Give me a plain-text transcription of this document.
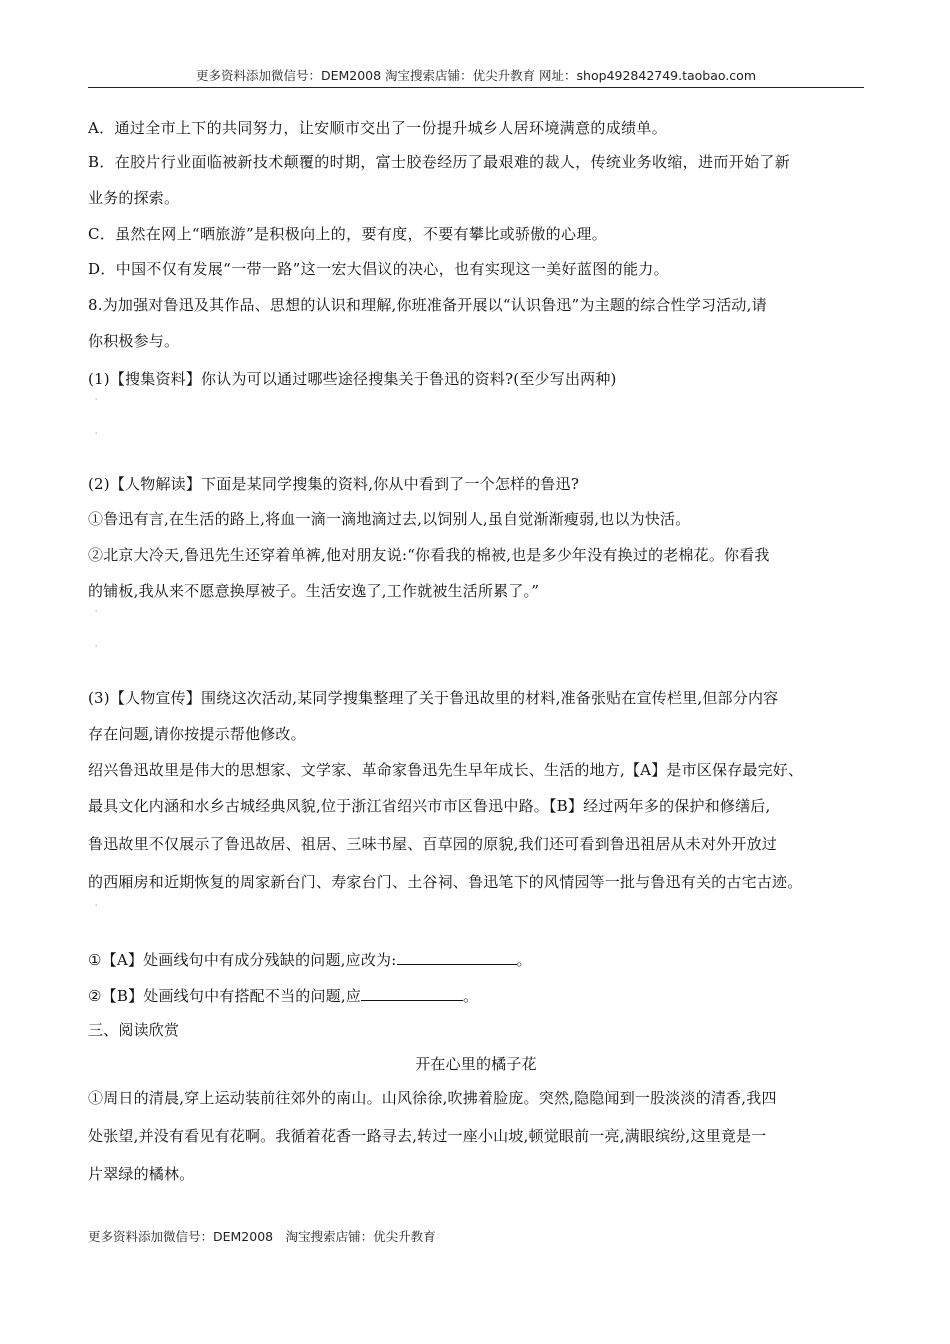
更多资料添加微信号：DEM2008 淘宝搜索店铺：优尖升教育 网址：shop492842749.taobao.com
A．通过全市上下的共同努力，让安顺市交出了一份提升城乡人居环境满意的成绩单。
B．在胶片行业面临被新技术颠覆的时期，富士胶卷经历了最艰难的裁人，传统业务收缩，进而开始了新
业务的探索。
C．虽然在网上“晒旅游”是积极向上的，要有度，不要有攀比或骄傲的心理。
D．中国不仅有发展“一带一路”这一宏大倡议的决心，也有实现这一美好蓝图的能力。
8.为加强对鲁迅及其作品、思想的认识和理解,你班准备开展以“认识鲁迅”为主题的综合性学习活动,请
你积极参与。
(1)【搜集资料】你认为可以通过哪些途径搜集关于鲁迅的资料?(至少写出两种)
'
'
(2)【人物解读】下面是某同学搜集的资料,你从中看到了一个怎样的鲁迅?
①鲁迅有言,在生活的路上,将血一滴一滴地滴过去,以饲别人,虽自觉渐渐瘦弱,也以为快活。
②北京大冷天,鲁迅先生还穿着单裤,他对朋友说:“你看我的棉被,也是多少年没有换过的老棉花。你看我
的铺板,我从来不愿意换厚被子。生活安逸了,工作就被生活所累了。”
'
'
(3)【人物宣传】围绕这次活动,某同学搜集整理了关于鲁迅故里的材料,准备张贴在宣传栏里,但部分内容
存在问题,请你按提示帮他修改。
绍兴鲁迅故里是伟大的思想家、文学家、革命家鲁迅先生早年成长、生活的地方,【A】是市区保存最完好、
最具文化内涵和水乡古城经典风貌,位于浙江省绍兴市市区鲁迅中路。【B】经过两年多的保护和修缮后,
鲁迅故里不仅展示了鲁迅故居、祖居、三味书屋、百草园的原貌,我们还可看到鲁迅祖居从未对外开放过
的西厢房和近期恢复的周家新台门、寿家台门、土谷祠、鲁迅笔下的风情园等一批与鲁迅有关的古宅古迹。
'
①【A】处画线句中有成分残缺的问题,应改为:	。
②【B】处画线句中有搭配不当的问题,应	。
三、阅读欣赏
开在心里的橘子花
①周日的清晨,穿上运动装前往郊外的南山。山风徐徐,吹拂着脸庞。突然,隐隐闻到一股淡淡的清香,我四
处张望,并没有看见有花啊。我循着花香一路寻去,转过一座小山坡,顿觉眼前一亮,满眼缤纷,这里竟是一
片翠绿的橘林。
更多资料添加微信号：DEM2008　淘宝搜索店铺：优尖升教育
